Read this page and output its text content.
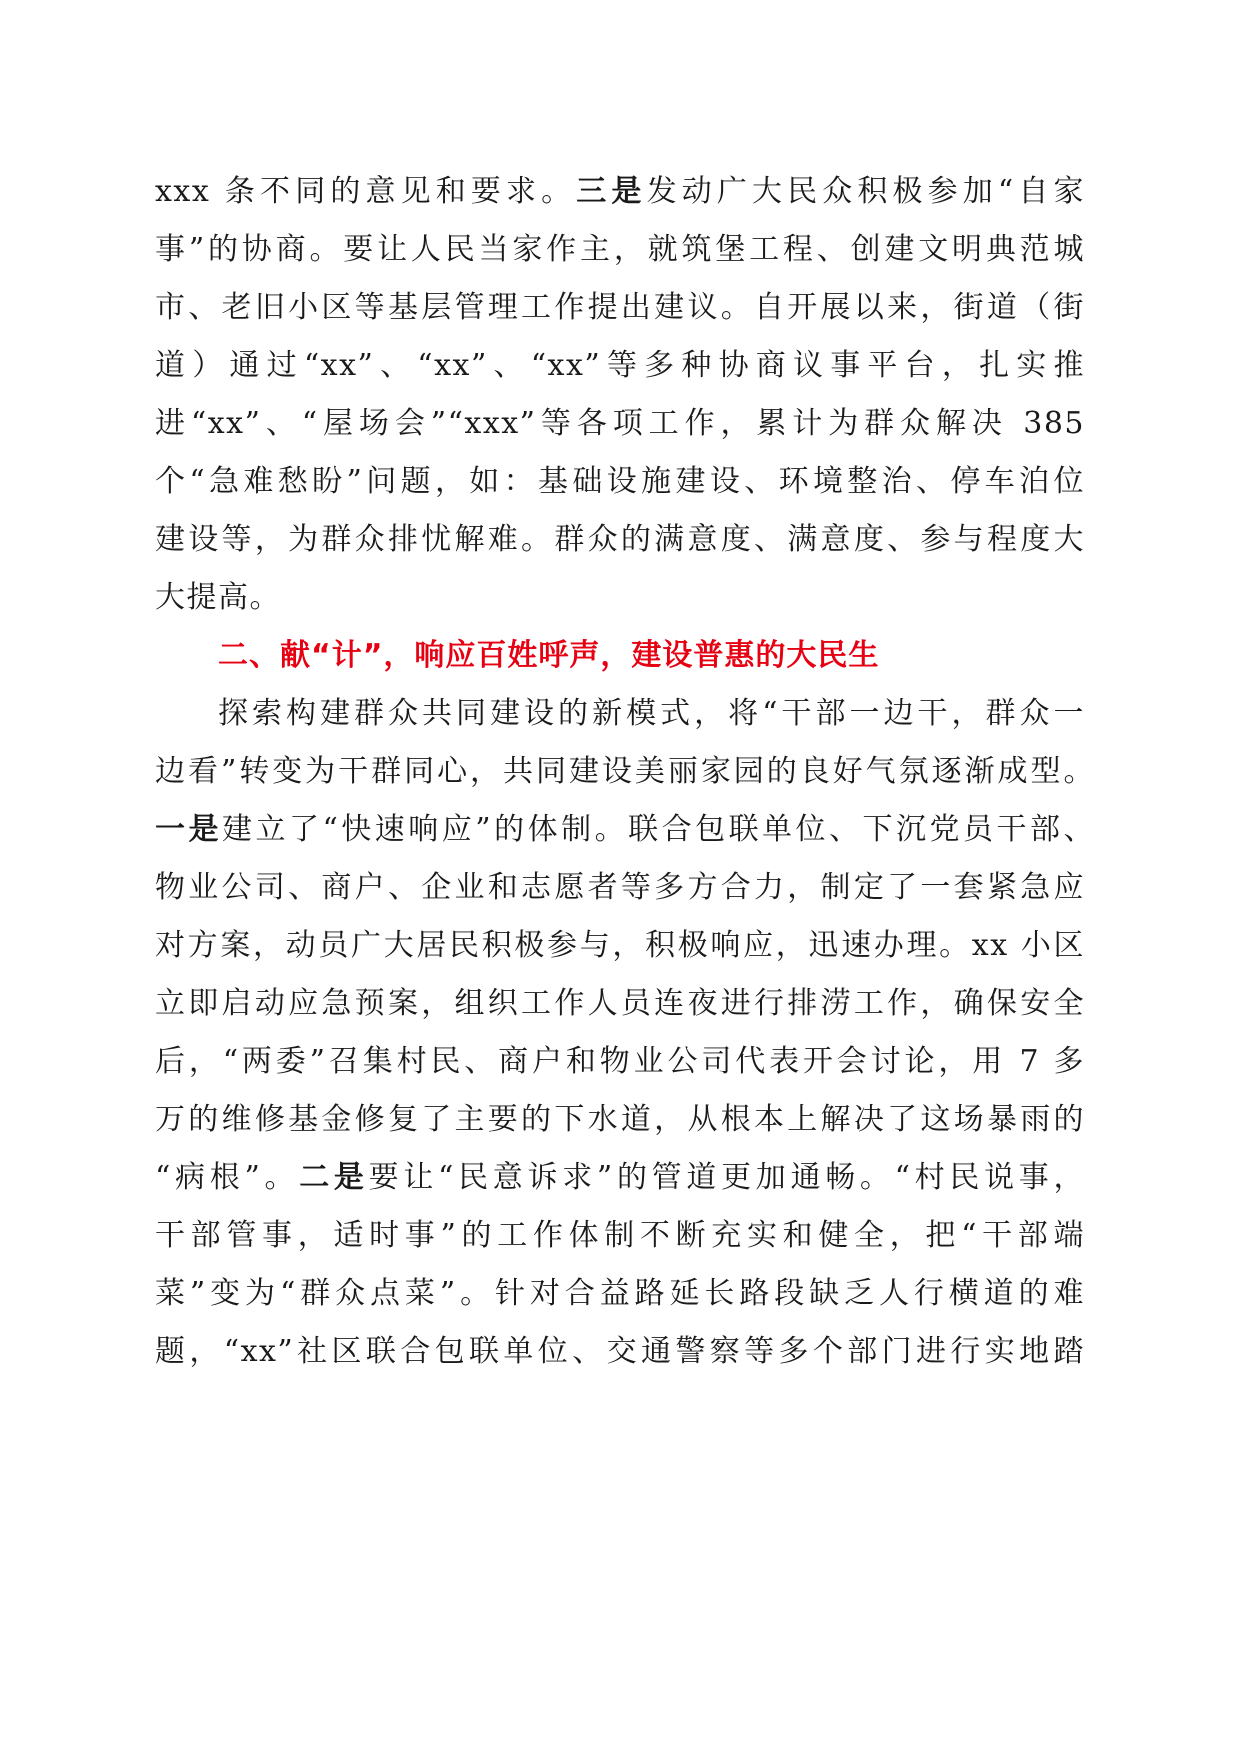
xxx 条不同的意见和要求。三是发动广大民众积极参加“自家
事”的协商。要让人民当家作主，就筑堡工程、创建文明典范城
市、老旧小区等基层管理工作提出建议。自开展以来，街道（街
道）通过“xx”、“xx”、“xx”等多种协商议事平台，扎实推
进“xx”、“屋场会”“xxx”等各项工作，累计为群众解决 385
个“急难愁盼”问题，如：基础设施建设、环境整治、停车泊位
建设等，为群众排忧解难。群众的满意度、满意度、参与程度大
大提高。
二、献“计”，响应百姓呼声，建设普惠的大民生
探索构建群众共同建设的新模式，将“干部一边干，群众一
边看”转变为干群同心，共同建设美丽家园的良好气氛逐渐成型。
一是建立了“快速响应”的体制。联合包联单位、下沉党员干部、
物业公司、商户、企业和志愿者等多方合力，制定了一套紧急应
对方案，动员广大居民积极参与，积极响应，迅速办理。xx 小区
立即启动应急预案，组织工作人员连夜进行排涝工作，确保安全
后，“两委”召集村民、商户和物业公司代表开会讨论，用 7 多
万的维修基金修复了主要的下水道，从根本上解决了这场暴雨的
“病根”。二是要让“民意诉求”的管道更加通畅。“村民说事，
干部管事，适时事”的工作体制不断充实和健全，把“干部端
菜”变为“群众点菜”。针对合益路延长路段缺乏人行横道的难
题，“xx”社区联合包联单位、交通警察等多个部门进行实地踏
